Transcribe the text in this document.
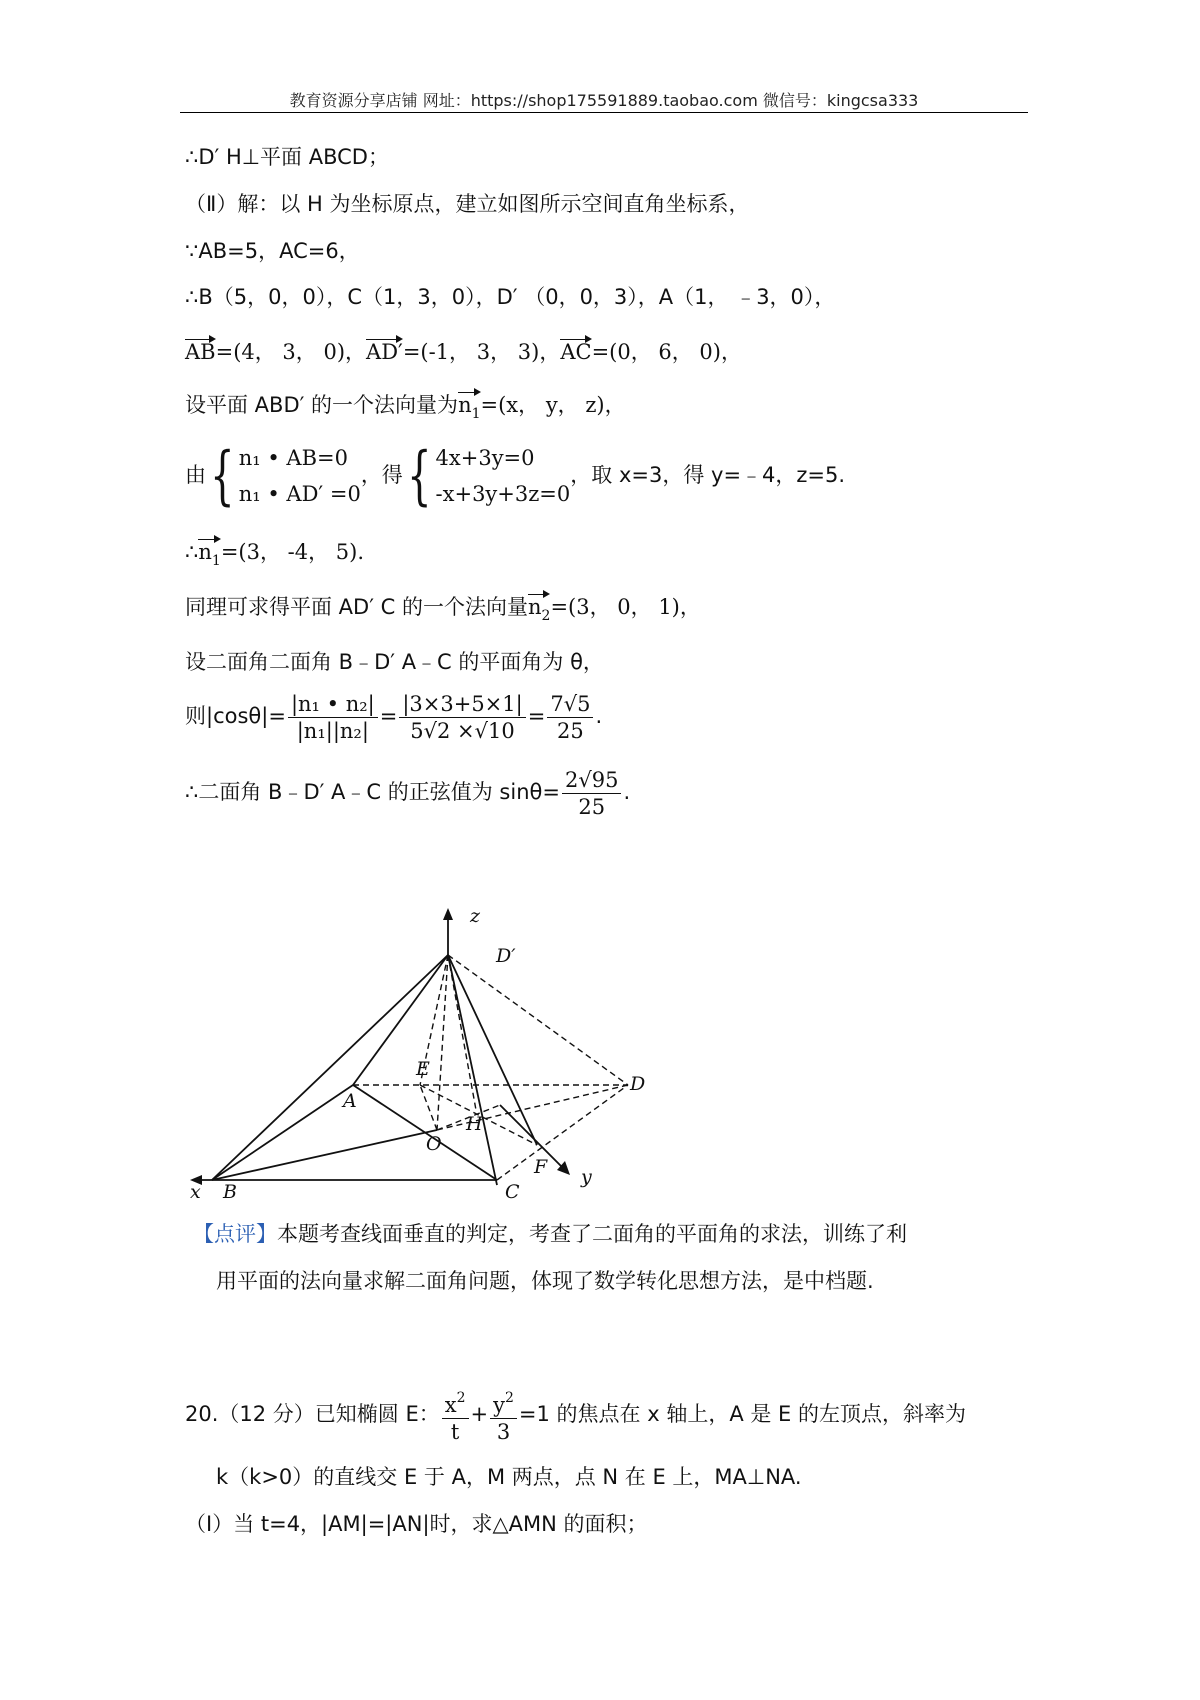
教育资源分享店铺 网址：https://shop175591889.taobao.com 微信号：kingcsa333
∴D′ H⊥平面 ABCD；
（Ⅱ）解：以 H 为坐标原点，建立如图所示空间直角坐标系，
∵AB=5，AC=6，
∴B（5，0，0），C（1，3，0），D′ （0，0，3），A（1， ﹣3，0），
AB=(4， 3， 0)，AD′=(-1， 3， 3)，AC=(0， 6， 0)，
设平面 ABD′ 的一个法向量为$n_1=(x$， y， z)，
由{ n₁ • AB=0
n₁ • AD′ =0
，得{ 4x+3y=0
-x+3y+3z=0
，取 x=3，得 y=﹣4，z=5.
$\therefore n_1=(3$， -4， 5).
同理可求得平面 AD′ C 的一个法向量$n_2=(3$， 0， 1)，
设二面角二面角 B﹣D′ A﹣C 的平面角为 θ，
则$|\cos\theta|= \frac{\text{|n₁ • n₂|}}{\text{|n₁||n₂|}} = \frac{|3\times 3+5\times 1|}{5√2 \times√10} = \frac{7√5}{25}$ .
∴二面角 B﹣D′ A﹣C 的正弦值为 $\sin\theta= \frac{2√95}{25}$ .
z
D′
D
A
E
O
H
x B	C
F y
【点评】本题考查线面垂直的判定，考查了二面角的平面角的求法，训练了利
用平面的法向量求解二面角问题，体现了数学转化思想方法，是中档题.
20.（12 分）已知椭圆 E： $\frac{x^2}{t} + \frac{y^2}{3} =1$ 的焦点在 x 轴上，A 是 E 的左顶点，斜率为
k（k>0）的直线交 E 于 A，M 两点，点 N 在 E 上，MA⊥NA.
（Ⅰ）当 t=4，|AM|=|AN|时，求△AMN 的面积；
